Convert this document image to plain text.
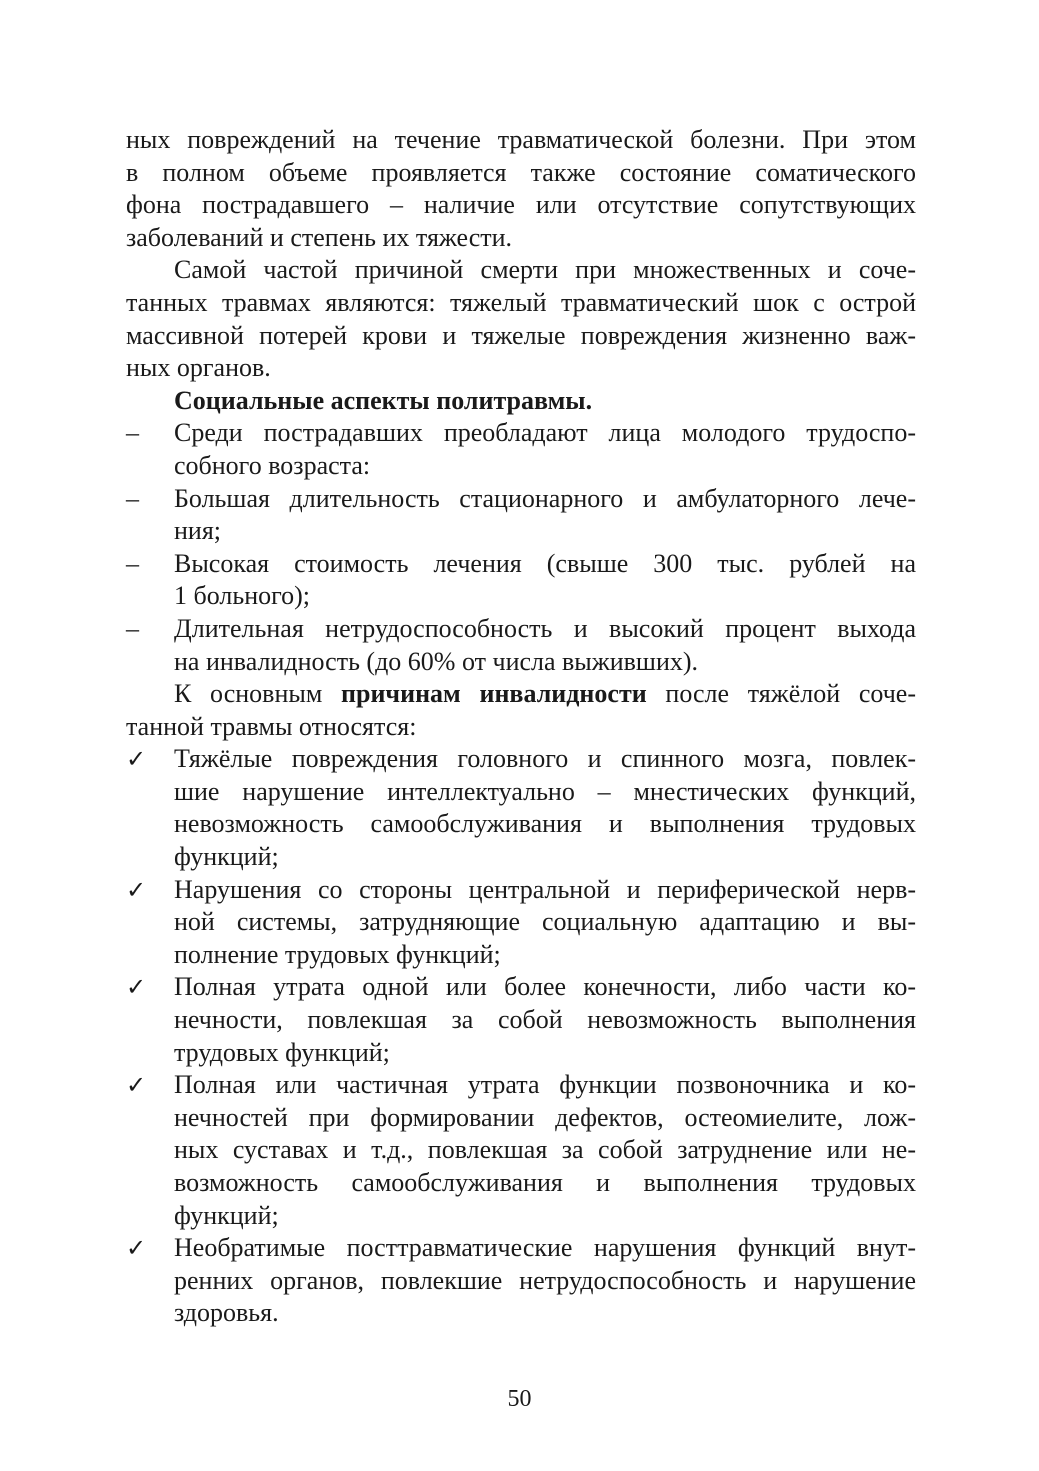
ных повреждений на течение травматической болезни. При этом
в полном объеме проявляется также состояние соматического
фона пострадавшего – наличие или отсутствие сопутствующих
заболеваний и степень их тяжести.
Самой частой причиной смерти при множественных и соче-
танных травмах являются: тяжелый травматический шок с острой
массивной потерей крови и тяжелые повреждения жизненно важ-
ных органов.
Социальные аспекты политравмы.
– Среди пострадавших преобладают лица молодого трудоспо-
собного возраста:
– Большая длительность стационарного и амбулаторного лече-
ния;
– Высокая стоимость лечения (свыше 300 тыс. рублей на
1 больного);
– Длительная нетрудоспособность и высокий процент выхода
на инвалидность (до 60% от числа выживших).
К основным причинам инвалидности после тяжёлой соче-
танной травмы относятся:
✓ Тяжёлые повреждения головного и спинного мозга, повлек-
шие нарушение интеллектуально – мнестических функций,
невозможность самообслуживания и выполнения трудовых
функций;
✓ Нарушения со стороны центральной и периферической нерв-
ной системы, затрудняющие социальную адаптацию и вы-
полнение трудовых функций;
✓ Полная утрата одной или более конечности, либо части ко-
нечности, повлекшая за собой невозможность выполнения
трудовых функций;
✓ Полная или частичная утрата функции позвоночника и ко-
нечностей при формировании дефектов, остеомиелите, лож-
ных суставах и т.д., повлекшая за собой затруднение или не-
возможность самообслуживания и выполнения трудовых
функций;
✓ Необратимые посттравматические нарушения функций внут-
ренних органов, повлекшие нетрудоспособность и нарушение
здоровья.
50
